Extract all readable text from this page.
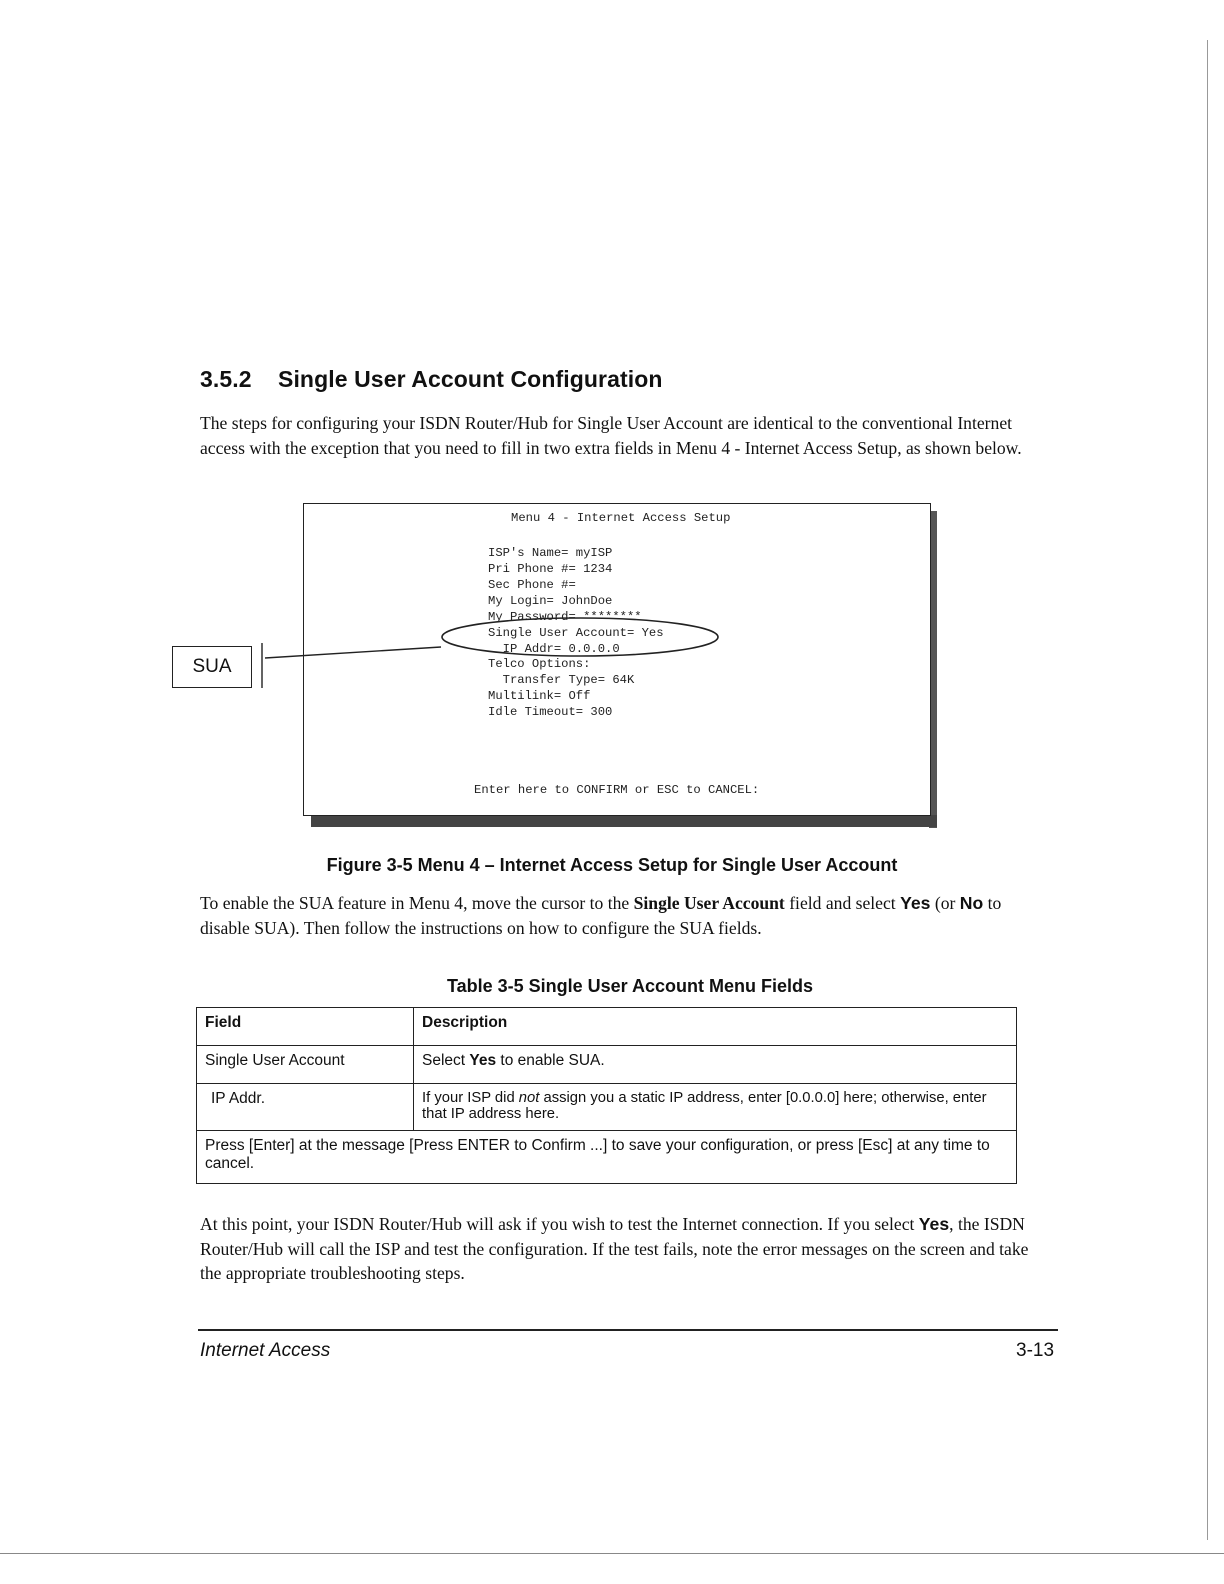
3.5.2 Single User Account Configuration
The steps for configuring your ISDN Router/Hub for Single User Account are identical to the conventional Internet access with the exception that you need to fill in two extra fields in Menu 4 - Internet Access Setup, as shown below.
Menu 4 - Internet Access Setup
ISP's Name= myISP
Pri Phone #= 1234
Sec Phone #=
My Login= JohnDoe
My Password= ********
Single User Account= Yes
IP Addr= 0.0.0.0
Telco Options:
Transfer Type= 64K
Multilink= Off
Idle Timeout= 300
Enter here to CONFIRM or ESC to CANCEL:
SUA
Figure 3-5 Menu 4 – Internet Access Setup for Single User Account
To enable the SUA feature in Menu 4, move the cursor to the Single User Account field and select Yes (or No to disable SUA). Then follow the instructions on how to configure the SUA fields.
Table 3-5 Single User Account Menu Fields
Field	Description
Single User Account	Select Yes to enable SUA.
IP Addr.	If your ISP did not assign you a static IP address, enter [0.0.0.0] here; otherwise, enter that IP address here.
Press [Enter] at the message [Press ENTER to Confirm ...] to save your configuration, or press [Esc] at any time to cancel.	
At this point, your ISDN Router/Hub will ask if you wish to test the Internet connection. If you select Yes, the ISDN Router/Hub will call the ISP and test the configuration. If the test fails, note the error messages on the screen and take the appropriate troubleshooting steps.
Internet Access	3-13
